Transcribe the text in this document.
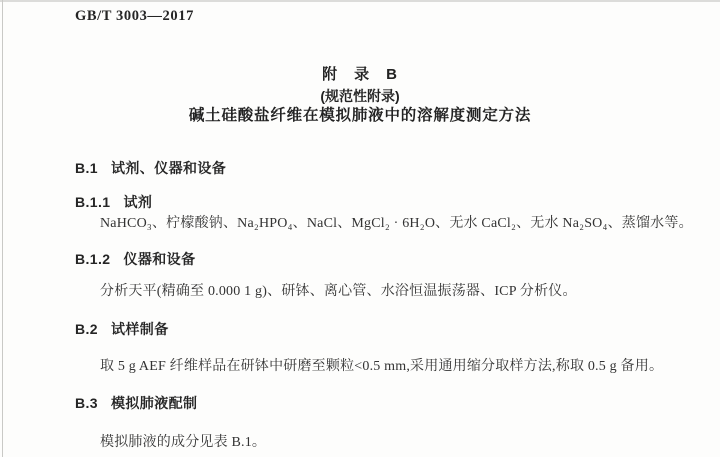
GB/T 3003—2017
附　录　B
(规范性附录)
碱土硅酸盐纤维在模拟肺液中的溶解度测定方法
B.1 试剂、仪器和设备
B.1.1 试剂
NaHCO₃、柠檬酸钠、Na₂HPO₄、NaCl、MgCl₂ · 6H₂O、无水 CaCl₂、无水 Na₂SO₄、蒸馏水等。
B.1.2 仪器和设备
分析天平(精确至 0.000 1 g)、研钵、离心管、水浴恒温振荡器、ICP 分析仪。
B.2 试样制备
取 5 g AEF 纤维样品在研钵中研磨至颗粒<0.5 mm,采用通用缩分取样方法,称取 0.5 g 备用。
B.3 模拟肺液配制
模拟肺液的成分见表 B.1。
